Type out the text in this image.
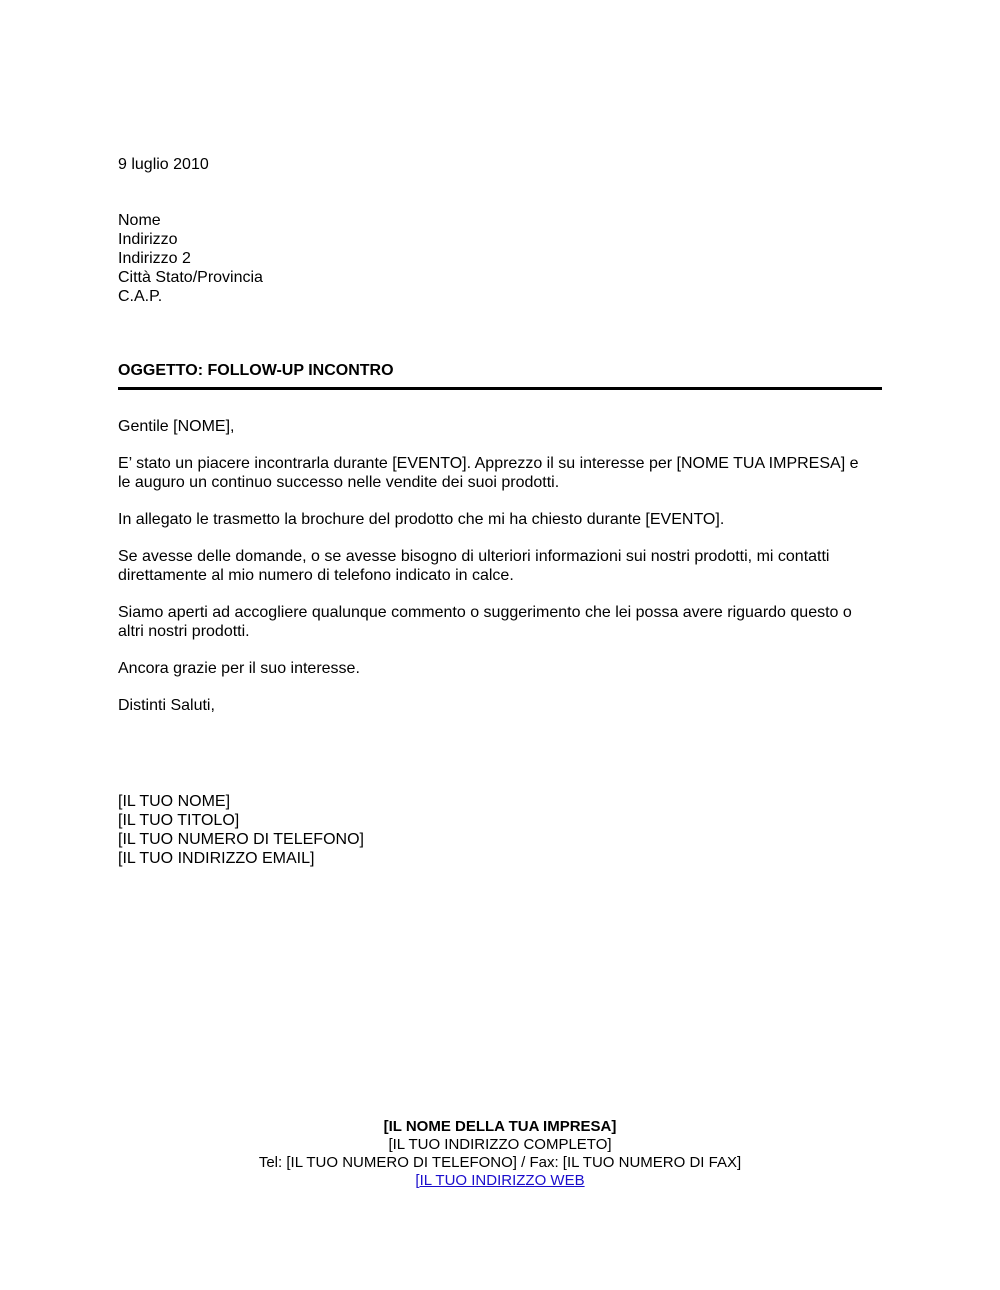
9 luglio 2010
Nome
Indirizzo
Indirizzo 2
Città Stato/Provincia
C.A.P.
OGGETTO: FOLLOW-UP INCONTRO

Gentile [NOME],

E’ stato un piacere incontrarla durante [EVENTO]. Apprezzo il su interesse per [NOME TUA IMPRESA] e
le auguro un continuo successo nelle vendite dei suoi prodotti.

In allegato le trasmetto la brochure del prodotto che mi ha chiesto durante [EVENTO].

Se avesse delle domande, o se avesse bisogno di ulteriori informazioni sui nostri prodotti, mi contatti
direttamente al mio numero di telefono indicato in calce.

Siamo aperti ad accogliere qualunque commento o suggerimento che lei possa avere riguardo questo o
altri nostri prodotti.

Ancora grazie per il suo interesse.

Distinti Saluti,

[IL TUO NOME]
[IL TUO TITOLO]
[IL TUO NUMERO DI TELEFONO]
[IL TUO INDIRIZZO EMAIL]
[IL NOME DELLA TUA IMPRESA]
[IL TUO INDIRIZZO COMPLETO]
Tel: [IL TUO NUMERO DI TELEFONO] / Fax: [IL TUO NUMERO DI FAX]
[IL TUO INDIRIZZO WEB
